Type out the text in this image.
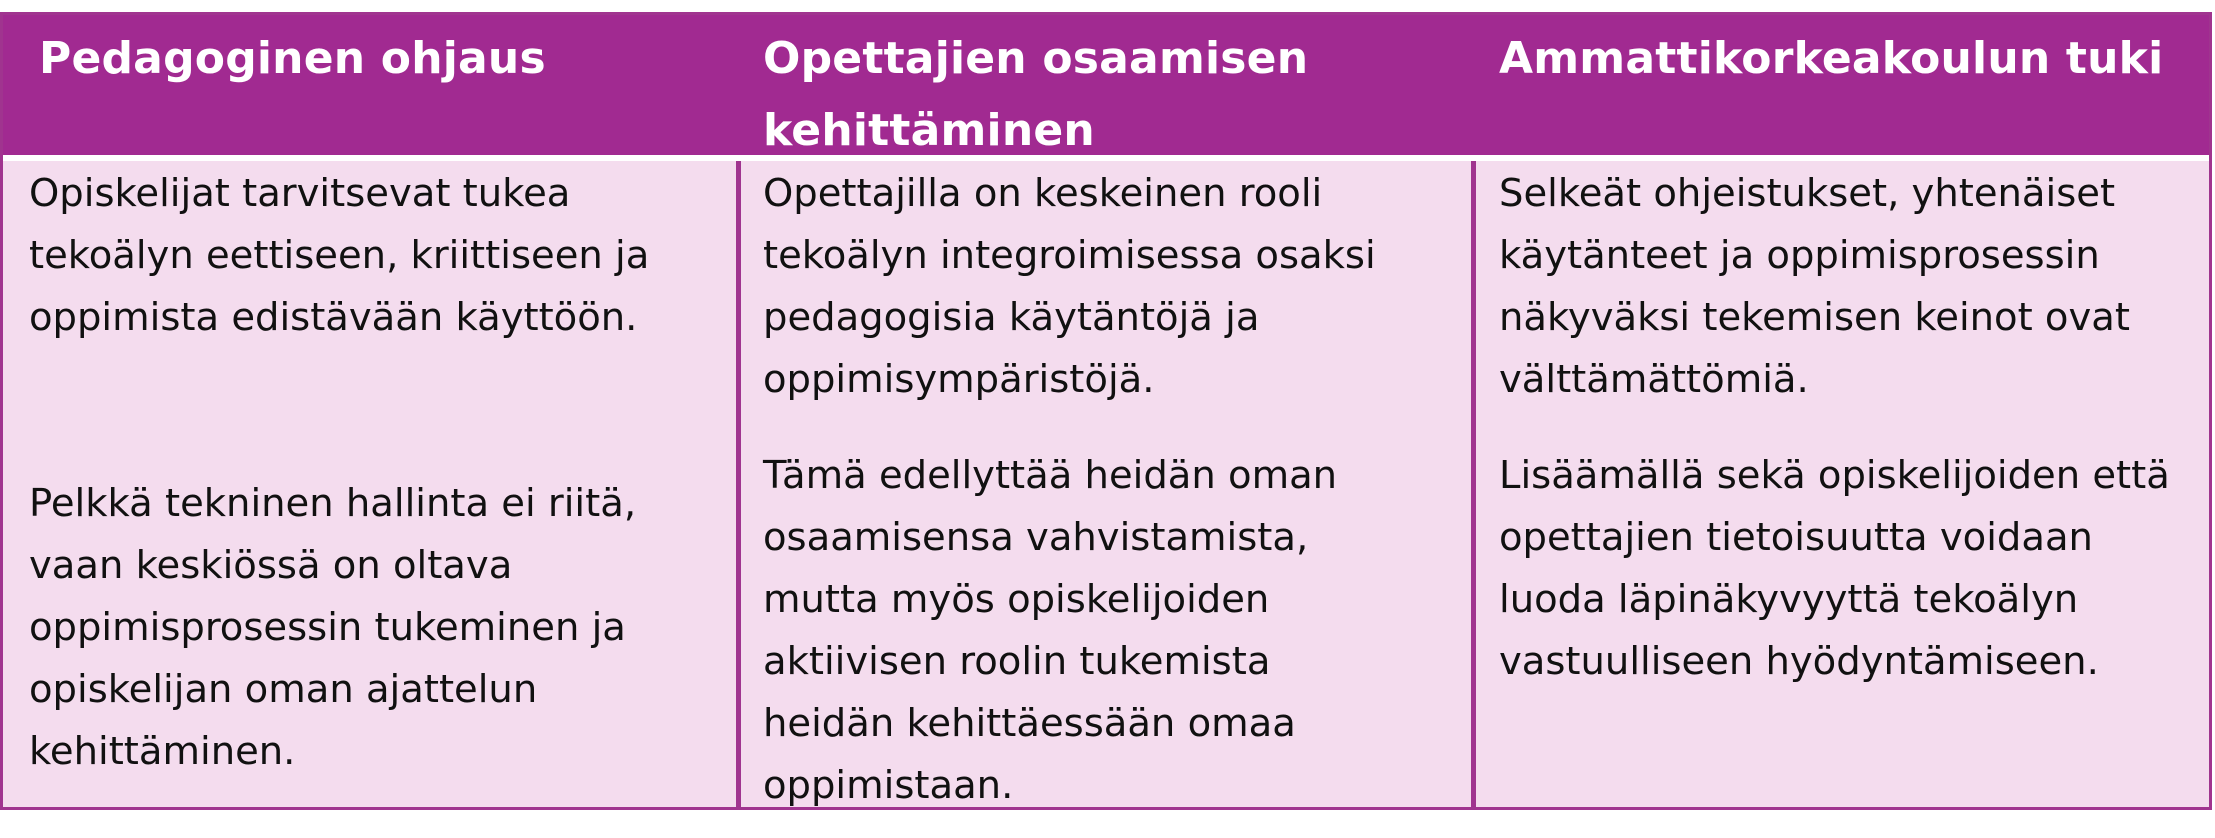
Pedagoginen ohjaus	Opettajien osaamisen kehittäminen
Ammattikorkeakoulun tuki
Opiskelijat tarvitsevat tukea tekoälyn eettiseen, kriittiseen ja oppimista edistävään käyttöön.
Pelkkä tekninen hallinta ei riitä, vaan keskiössä on oltava oppimisprosessin tukeminen ja opiskelijan oman ajattelun kehittäminen.
Opettajilla on keskeinen rooli tekoälyn integroimisessa osaksi pedagogisia käytäntöjä ja oppimisympäristöjä.
Tämä edellyttää heidän oman osaamisensa vahvistamista, mutta myös opiskelijoiden aktiivisen roolin tukemista heidän kehittäessään omaa oppimistaan.
Selkeät ohjeistukset, yhtenäiset käytänteet ja oppimisprosessin näkyväksi tekemisen keinot ovat välttämättömiä.
Lisäämällä sekä opiskelijoiden että opettajien tietoisuutta voidaan luoda läpinäkyvyyttä tekoälyn vastuulliseen hyödyntämiseen.
